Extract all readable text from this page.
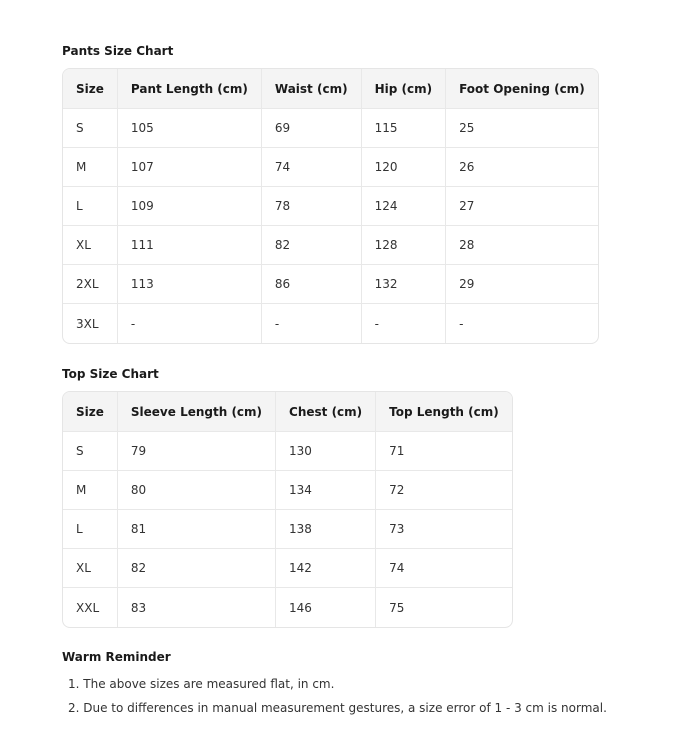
Pants Size Chart
Size	Pant Length (cm)	Waist (cm)	Hip (cm)	Foot Opening (cm)
S	105	69	115	25
M	107	74	120	26
L	109	78	124	27
XL	111	82	128	28
2XL	113	86	132	29
3XL	-	-	-	-
Top Size Chart
Size	Sleeve Length (cm)	Chest (cm)	Top Length (cm)
S	79	130	71
M	80	134	72
L	81	138	73
XL	82	142	74
XXL	83	146	75
Warm Reminder
1. The above sizes are measured flat, in cm.
2. Due to differences in manual measurement gestures, a size error of 1 - 3 cm is normal.
